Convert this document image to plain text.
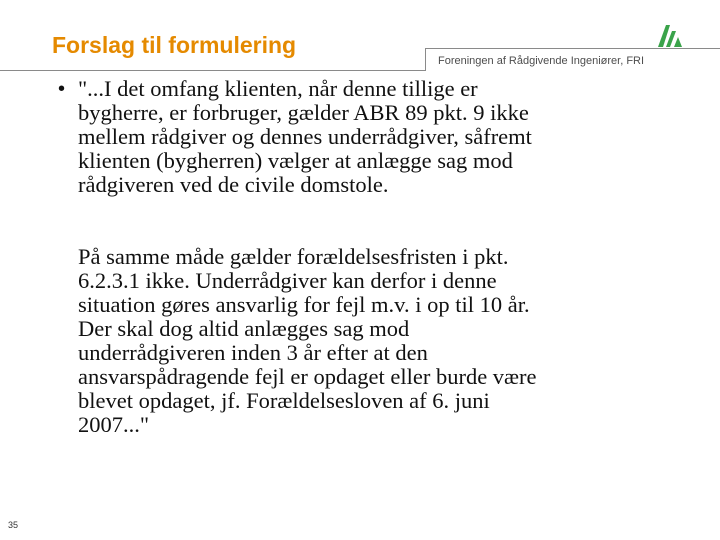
Forslag til formulering
Foreningen af Rådgivende Ingeniører, FRI
• "...I det omfang klienten, når denne tillige er
bygherre, er forbruger, gælder ABR 89 pkt. 9 ikke
mellem rådgiver og dennes underrådgiver, såfremt
klienten (bygherren) vælger at anlægge sag mod
rådgiveren ved de civile domstole.

På samme måde gælder forældelsesfristen i pkt.
6.2.3.1 ikke. Underrådgiver kan derfor i denne
situation gøres ansvarlig for fejl m.v. i op til 10 år.
Der skal dog altid anlægges sag mod
underrådgiveren inden 3 år efter at den
ansvarspådragende fejl er opdaget eller burde være
blevet opdaget, jf. Forældelsesloven af 6. juni
2007..."

35
